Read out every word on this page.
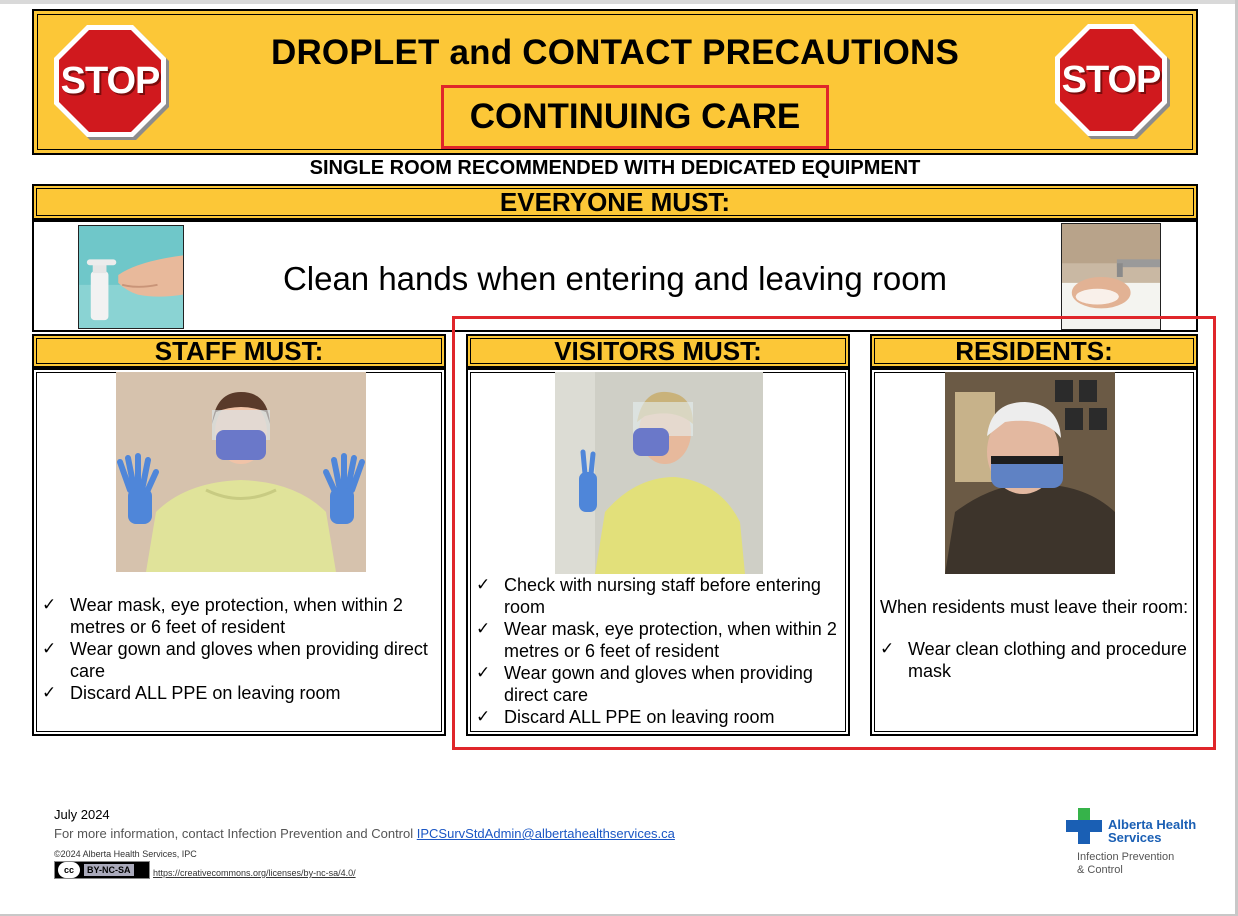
DROPLET and CONTACT PRECAUTIONS
CONTINUING CARE
STOP	STOP
SINGLE ROOM RECOMMENDED WITH DEDICATED EQUIPMENT
EVERYONE MUST:
Clean hands when entering and leaving room
STAFF MUST:	VISITORS MUST:	RESIDENTS:
✓ Wear mask, eye protection, when within 2 metres or 6 feet of resident
✓ Wear gown and gloves when providing direct care
✓ Discard ALL PPE on leaving room
✓ Check with nursing staff before entering room
✓ Wear mask, eye protection, when within 2 metres or 6 feet of resident
✓ Wear gown and gloves when providing direct care
✓ Discard ALL PPE on leaving room
When residents must leave their room:
✓ Wear clean clothing and procedure mask
July 2024
For more information, contact Infection Prevention and Control IPCSurvStdAdmin@albertahealthservices.ca
©2024 Alberta Health Services, IPC
cc	BY-NC-SA	https://creativecommons.org/licenses/by-nc-sa/4.0/
Alberta Health
Services
Infection Prevention
& Control
